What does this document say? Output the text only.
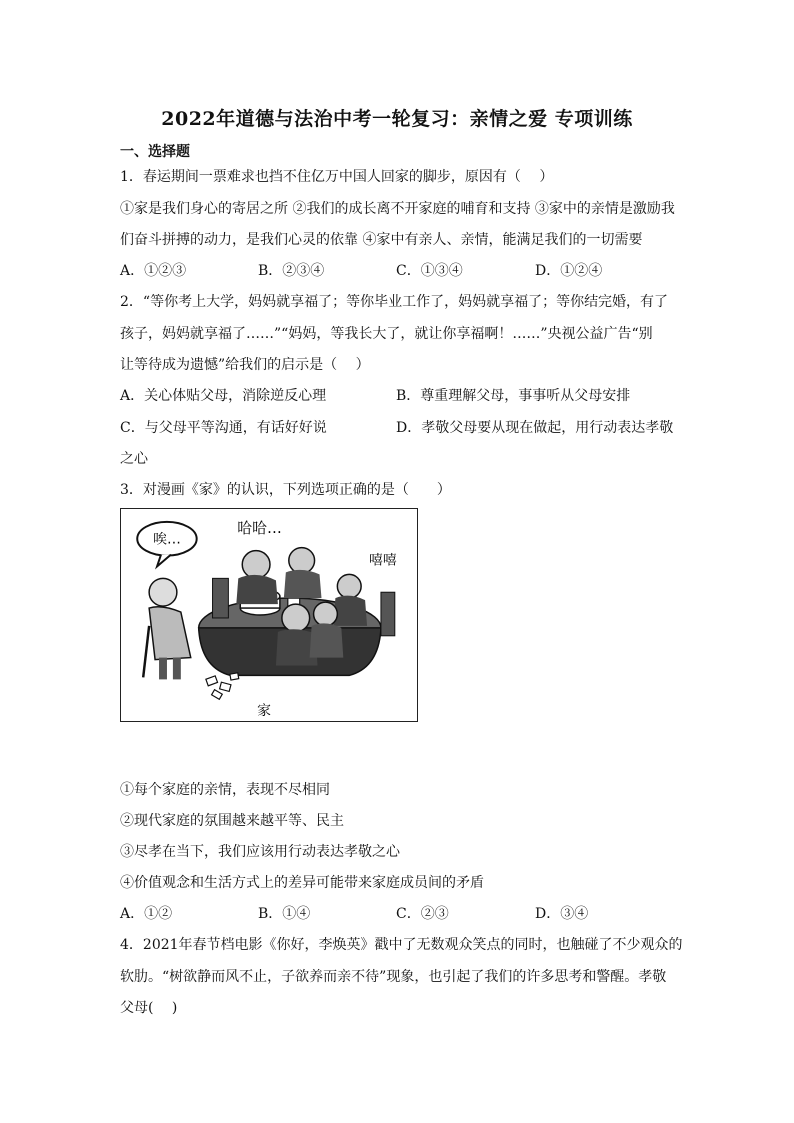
2022年道德与法治中考一轮复习：亲情之爱 专项训练
一、选择题
1．春运期间一票难求也挡不住亿万中国人回家的脚步，原因有（　 ）
①家是我们身心的寄居之所 ②我们的成长离不开家庭的哺育和支持 ③家中的亲情是激励我
们奋斗拼搏的动力，是我们心灵的依靠 ④家中有亲人、亲情，能满足我们的一切需要
A．①②③	B．②③④	C．①③④	D．①②④
2．“等你考上大学，妈妈就享福了；等你毕业工作了，妈妈就享福了；等你结完婚，有了
孩子，妈妈就享福了……”“妈妈，等我长大了，就让你享福啊！……”央视公益广告“别
让等待成为遗憾”给我们的启示是（　 ）
A．关心体贴父母，消除逆反心理	B．尊重理解父母，事事听从父母安排
C．与父母平等沟通，有话好好说	D．孝敬父母要从现在做起，用行动表达孝敬
之心
3．对漫画《家》的认识，下列选项正确的是（　　）
唉…
哈哈…
嘻嘻
家
①每个家庭的亲情，表现不尽相同
②现代家庭的氛围越来越平等、民主
③尽孝在当下，我们应该用行动表达孝敬之心
④价值观念和生活方式上的差异可能带来家庭成员间的矛盾
A．①②	B．①④	C．②③	D．③④
4．2021年春节档电影《你好，李焕英》戳中了无数观众笑点的同时，也触碰了不少观众的
软肋。“树欲静而风不止，子欲养而亲不待”现象，也引起了我们的许多思考和警醒。孝敬
父母(　 )
